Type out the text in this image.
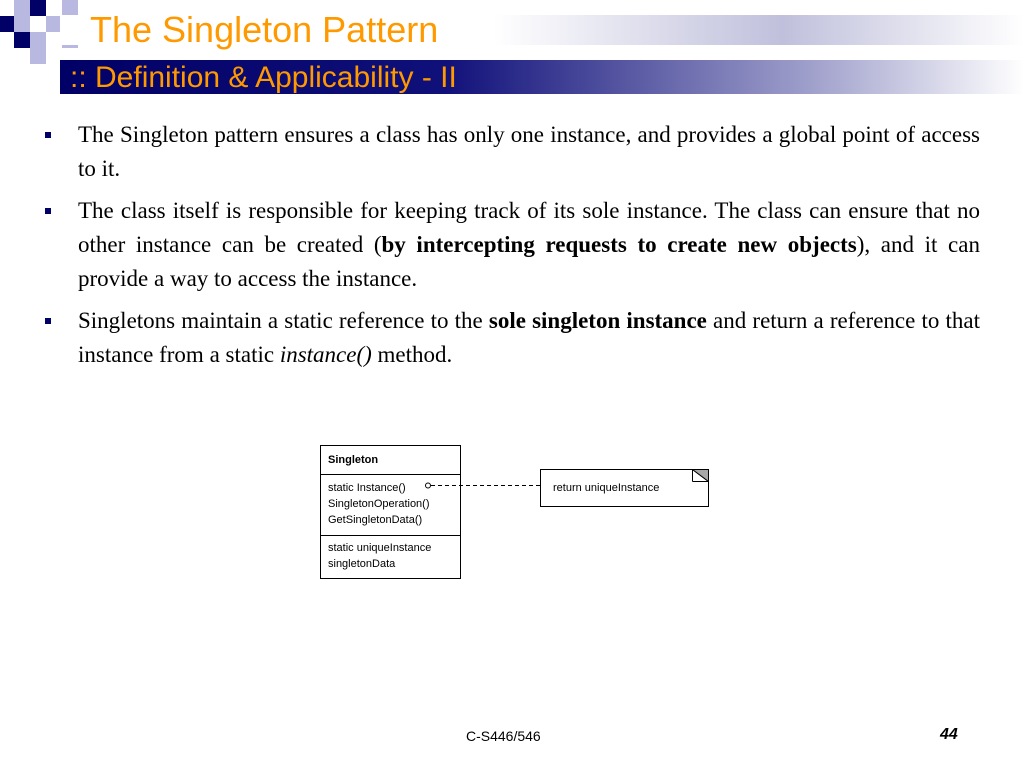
The Singleton Pattern
:: Definition & Applicability - II
The Singleton pattern ensures a class has only one instance, and provides a global point of access to it.
The class itself is responsible for keeping track of its sole instance. The class can ensure that no other instance can be created (by intercepting requests to create new objects), and it can provide a way to access the instance.
Singletons maintain a static reference to the sole singleton instance and return a reference to that instance from a static instance() method.
Singleton
static Instance()
SingletonOperation()
GetSingletonData()
static uniqueInstance
singletonData
return uniqueInstance
C-S446/546	44
